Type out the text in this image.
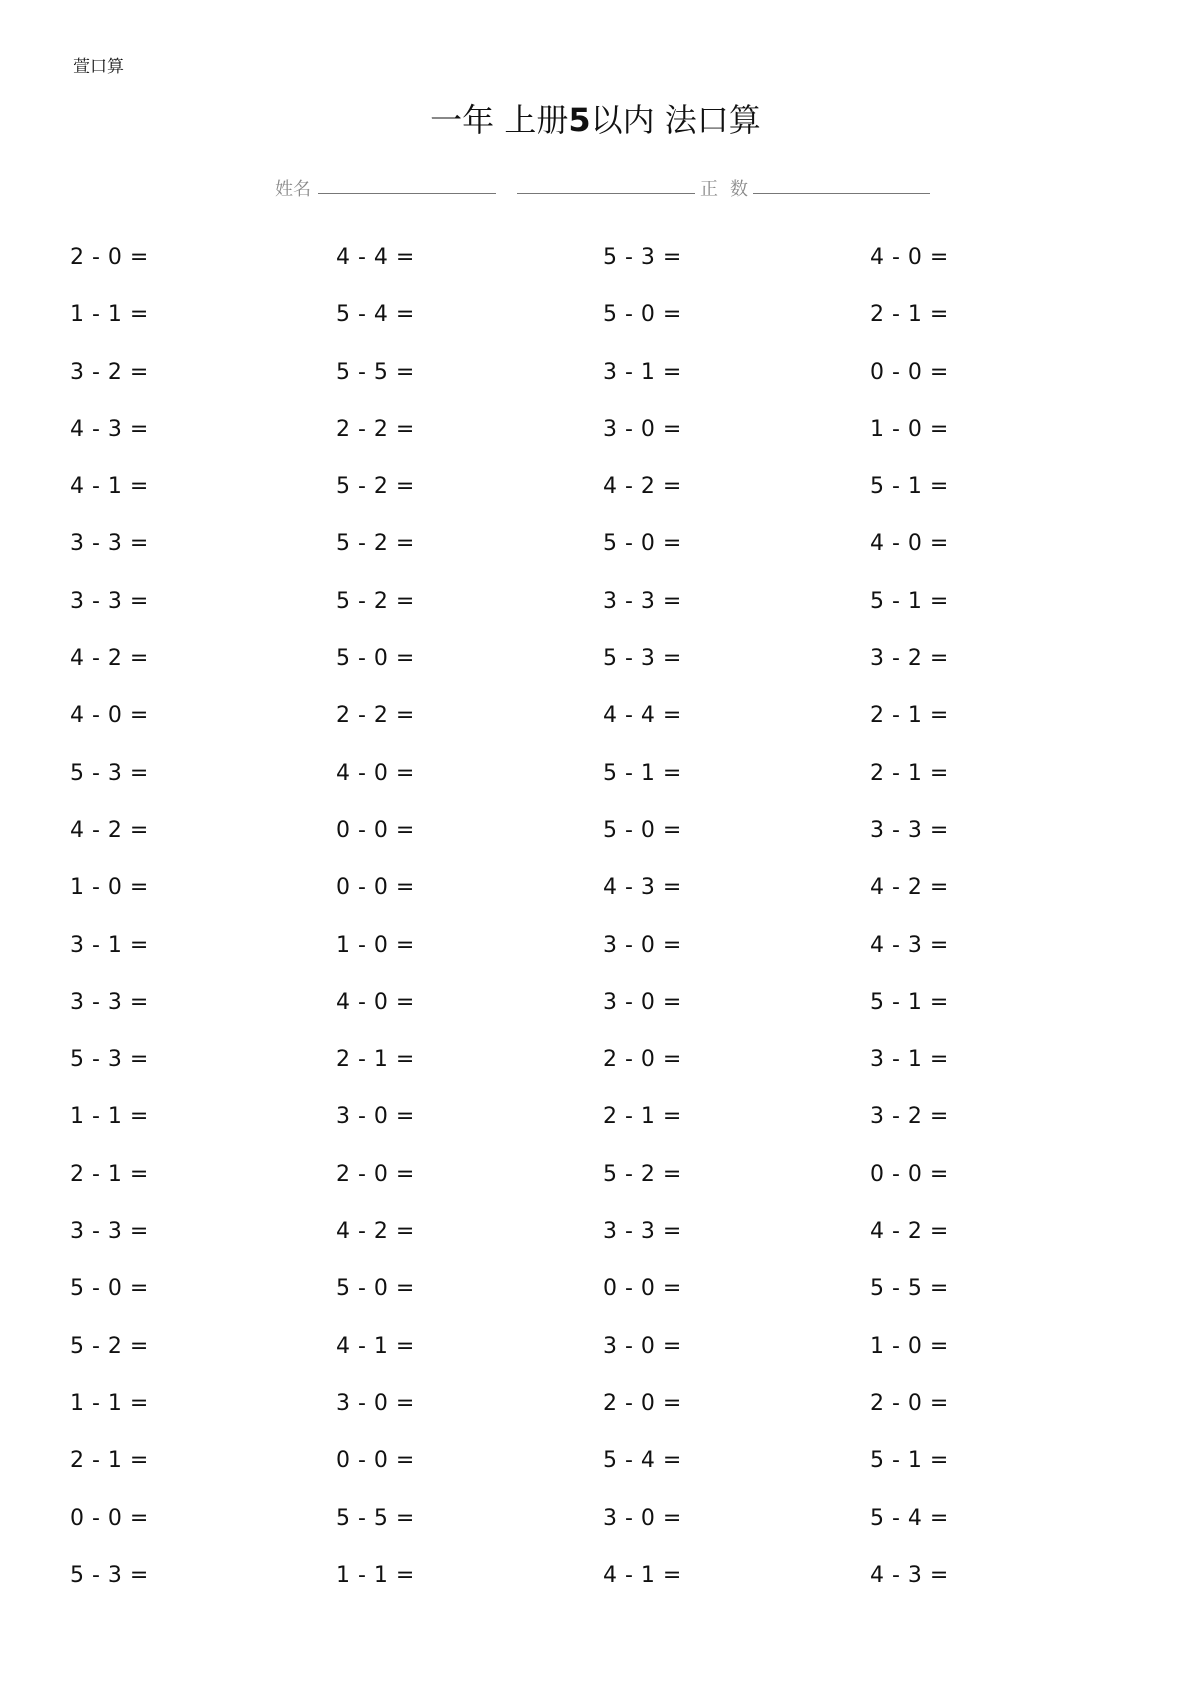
萱口算
一年 上册5以内 法口算
姓名	正 数
2 - 0 =	4 - 4 =	5 - 3 =	4 - 0 =
1 - 1 =	5 - 4 =	5 - 0 =	2 - 1 =
3 - 2 =	5 - 5 =	3 - 1 =	0 - 0 =
4 - 3 =	2 - 2 =	3 - 0 =	1 - 0 =
4 - 1 =	5 - 2 =	4 - 2 =	5 - 1 =
3 - 3 =	5 - 2 =	5 - 0 =	4 - 0 =
3 - 3 =	5 - 2 =	3 - 3 =	5 - 1 =
4 - 2 =	5 - 0 =	5 - 3 =	3 - 2 =
4 - 0 =	2 - 2 =	4 - 4 =	2 - 1 =
5 - 3 =	4 - 0 =	5 - 1 =	2 - 1 =
4 - 2 =	0 - 0 =	5 - 0 =	3 - 3 =
1 - 0 =	0 - 0 =	4 - 3 =	4 - 2 =
3 - 1 =	1 - 0 =	3 - 0 =	4 - 3 =
3 - 3 =	4 - 0 =	3 - 0 =	5 - 1 =
5 - 3 =	2 - 1 =	2 - 0 =	3 - 1 =
1 - 1 =	3 - 0 =	2 - 1 =	3 - 2 =
2 - 1 =	2 - 0 =	5 - 2 =	0 - 0 =
3 - 3 =	4 - 2 =	3 - 3 =	4 - 2 =
5 - 0 =	5 - 0 =	0 - 0 =	5 - 5 =
5 - 2 =	4 - 1 =	3 - 0 =	1 - 0 =
1 - 1 =	3 - 0 =	2 - 0 =	2 - 0 =
2 - 1 =	0 - 0 =	5 - 4 =	5 - 1 =
0 - 0 =	5 - 5 =	3 - 0 =	5 - 4 =
5 - 3 =	1 - 1 =	4 - 1 =	4 - 3 =
